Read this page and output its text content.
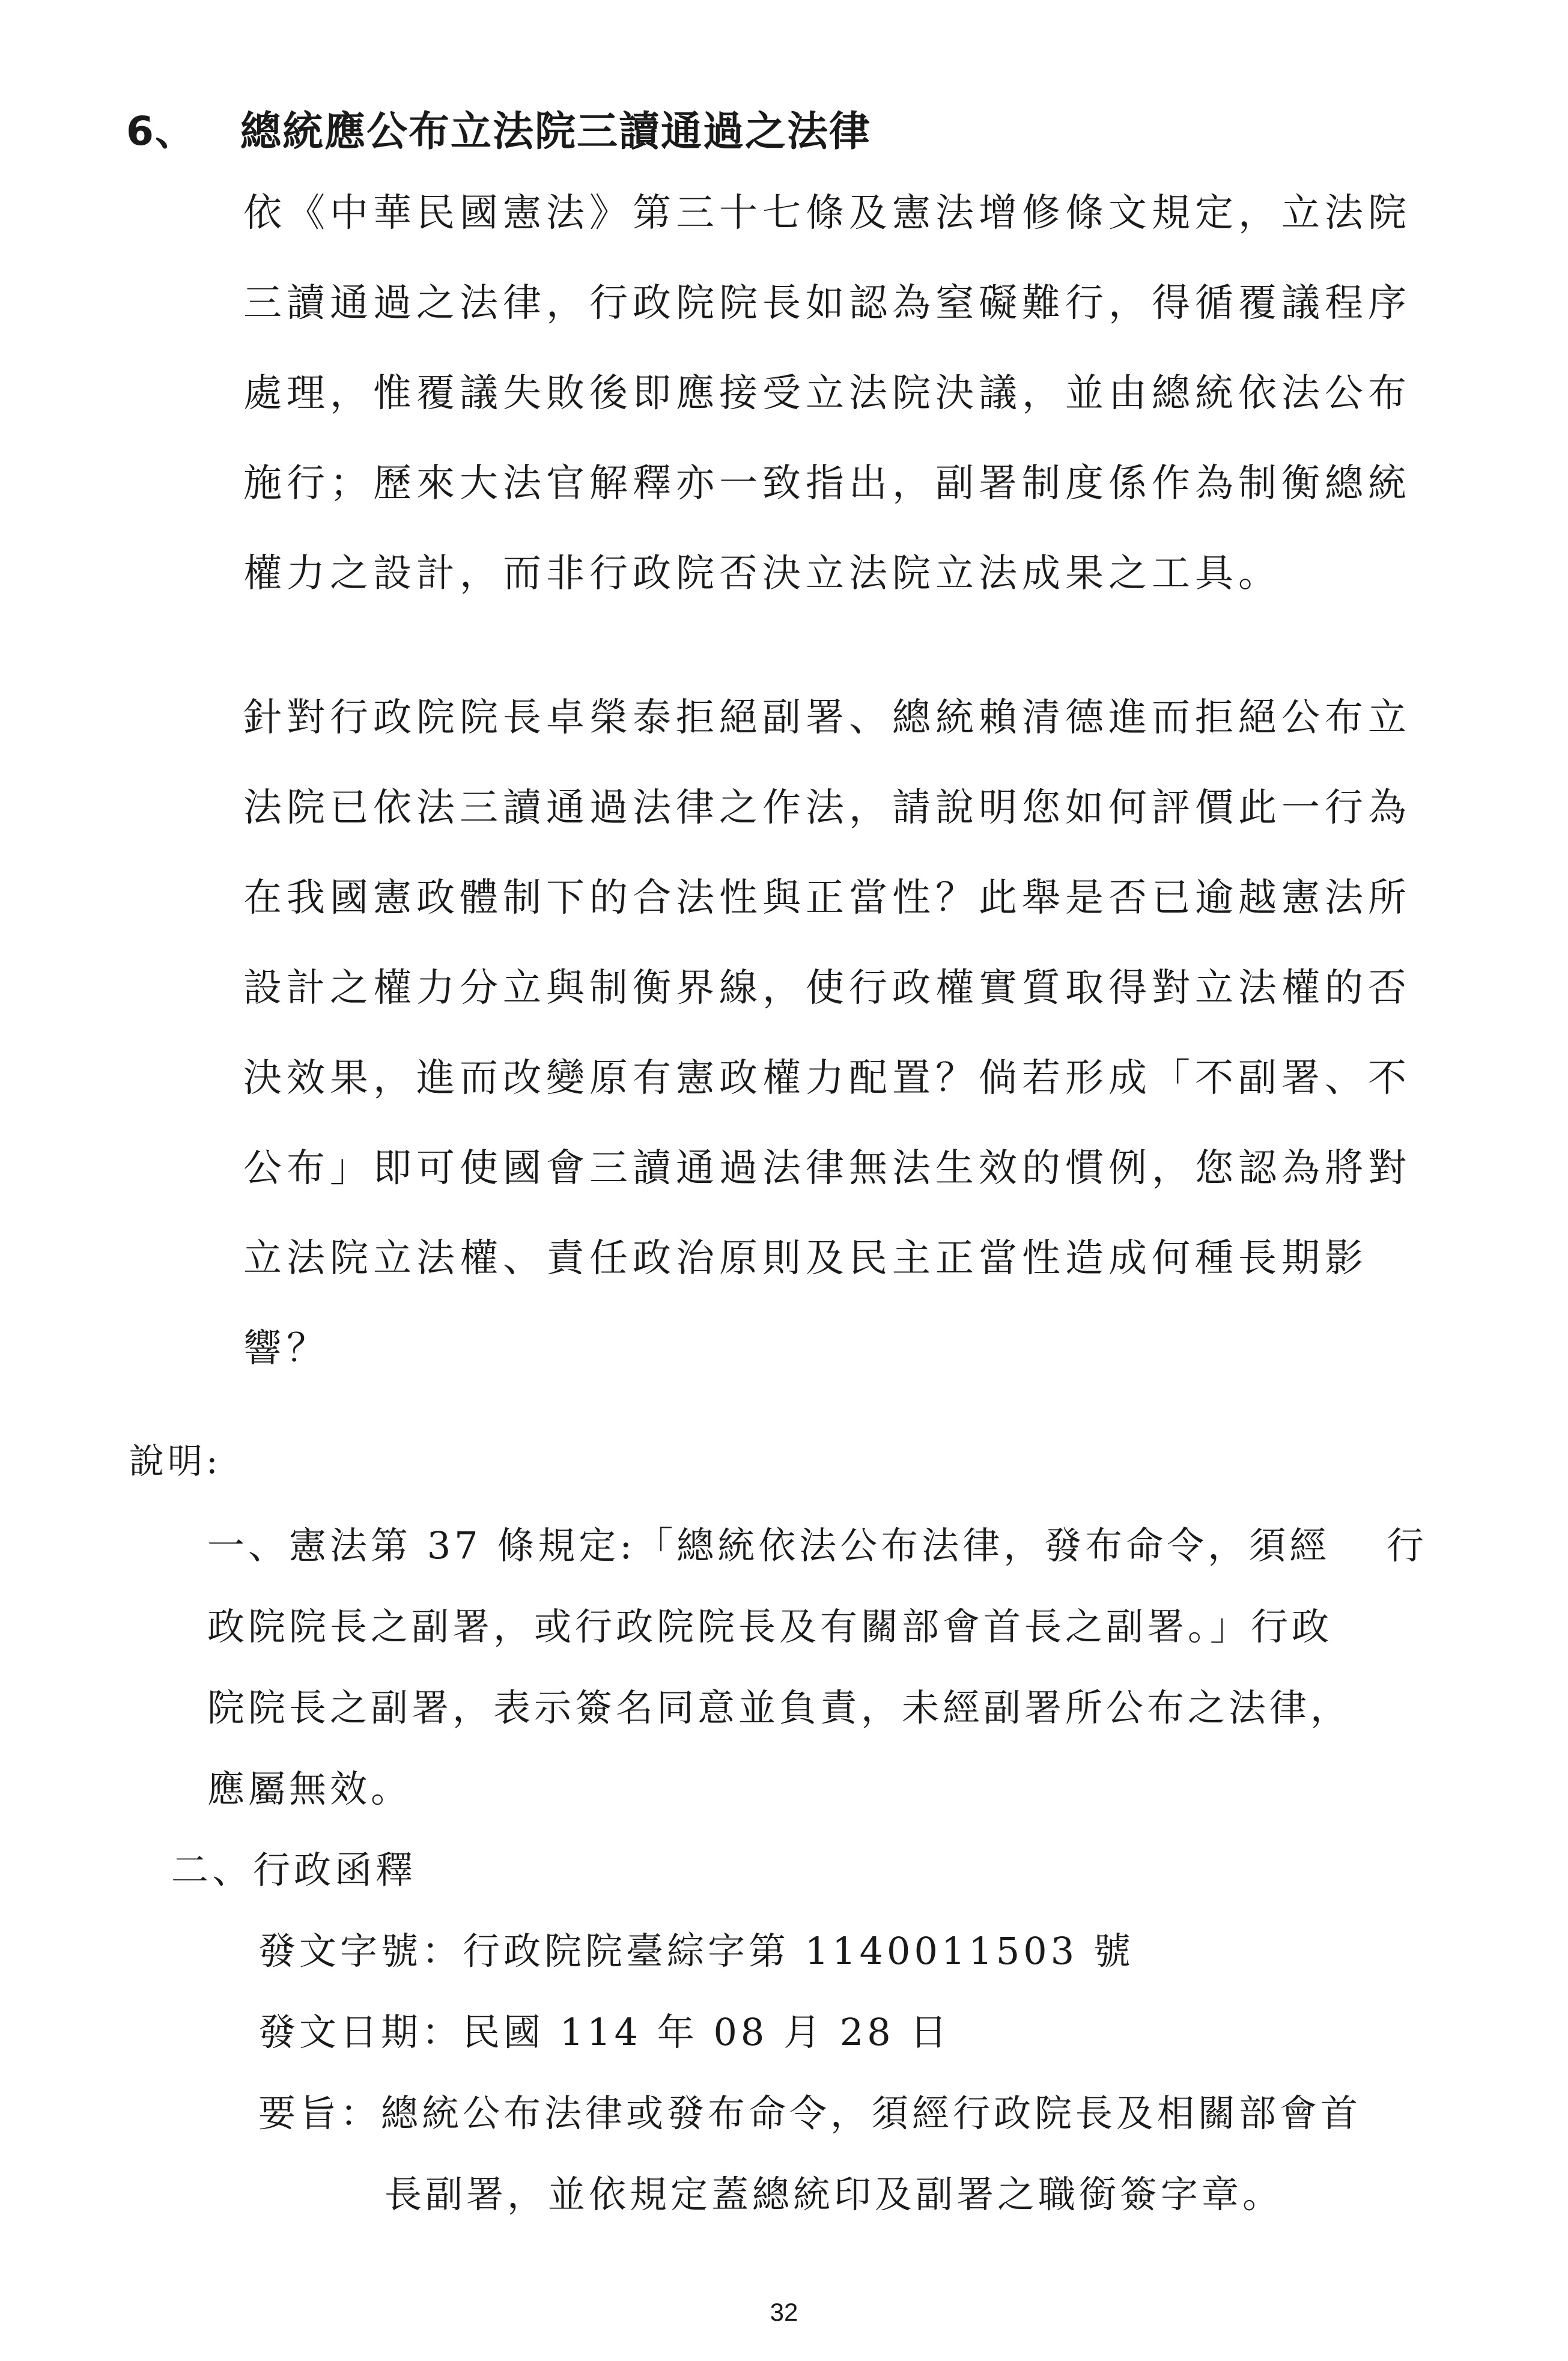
6、 總統應公布立法院三讀通過之法律
依《中華民國憲法》第三十七條及憲法增修條文規定，立法院
三讀通過之法律，行政院院長如認為窒礙難行，得循覆議程序
處理，惟覆議失敗後即應接受立法院決議，並由總統依法公布
施行；歷來大法官解釋亦一致指出，副署制度係作為制衡總統
權力之設計，而非行政院否決立法院立法成果之工具。
針對行政院院長卓榮泰拒絕副署、總統賴清德進而拒絕公布立
法院已依法三讀通過法律之作法，請說明您如何評價此一行為
在我國憲政體制下的合法性與正當性？此舉是否已逾越憲法所
設計之權力分立與制衡界線，使行政權實質取得對立法權的否
決效果，進而改變原有憲政權力配置？倘若形成「不副署、不
公布」即可使國會三讀通過法律無法生效的慣例，您認為將對
立法院立法權、責任政治原則及民主正當性造成何種長期影
響？
說明:
一、憲法第 37 條規定:「總統依法公布法律，發布命令，須經　 行
政院院長之副署，或行政院院長及有關部會首長之副署。」行政
院院長之副署，表示簽名同意並負責，未經副署所公布之法律，
應屬無效。
二、行政函釋
發文字號：行政院院臺綜字第 1140011503 號
發文日期：民國 114 年 08 月 28 日
要旨：總統公布法律或發布命令，須經行政院長及相關部會首
長副署，並依規定蓋總統印及副署之職銜簽字章。
32
